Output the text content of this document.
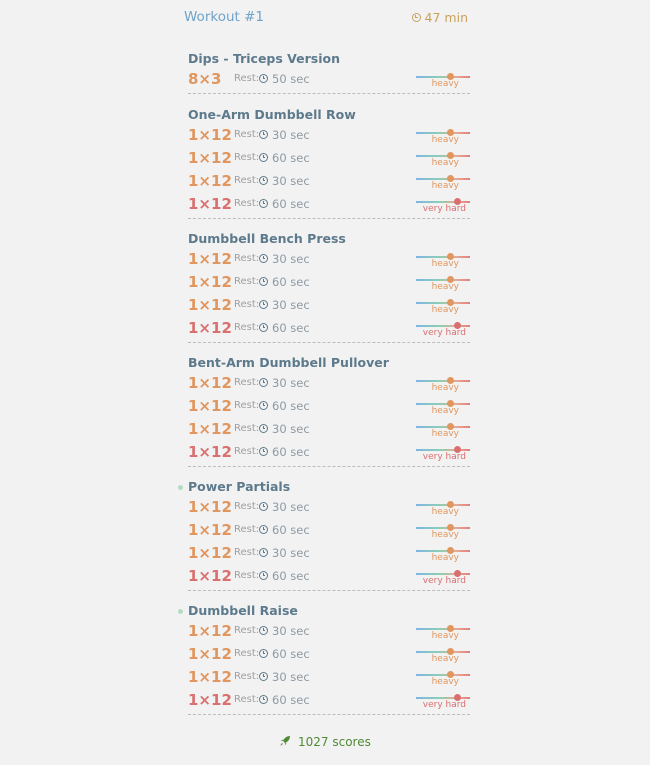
Workout #1	47 min
Dips - Triceps Version
8×3 Rest: 50 sec	heavy
One-Arm Dumbbell Row
1×12 Rest: 30 sec	heavy
1×12 Rest: 60 sec	heavy
1×12 Rest: 30 sec	heavy
1×12 Rest: 60 sec	very hard
Dumbbell Bench Press
1×12 Rest: 30 sec	heavy
1×12 Rest: 60 sec	heavy
1×12 Rest: 30 sec	heavy
1×12 Rest: 60 sec	very hard
Bent-Arm Dumbbell Pullover
1×12 Rest: 30 sec	heavy
1×12 Rest: 60 sec	heavy
1×12 Rest: 30 sec	heavy
1×12 Rest: 60 sec	very hard
Power Partials
1×12 Rest: 30 sec	heavy
1×12 Rest: 60 sec	heavy
1×12 Rest: 30 sec	heavy
1×12 Rest: 60 sec	very hard
Dumbbell Raise
1×12 Rest: 30 sec	heavy
1×12 Rest: 60 sec	heavy
1×12 Rest: 30 sec	heavy
1×12 Rest: 60 sec	very hard
1027 scores
